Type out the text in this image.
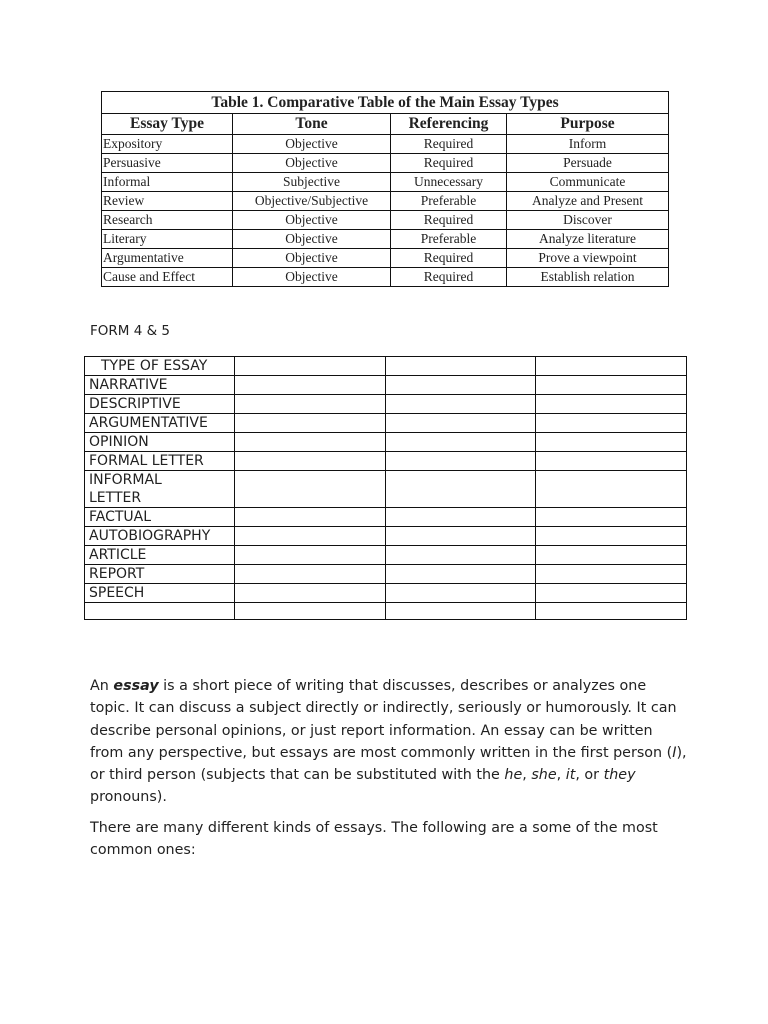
Table 1. Comparative Table of the Main Essay Types			
Essay Type	Tone	Referencing	Purpose
Expository	Objective	Required	Inform
Persuasive	Objective	Required	Persuade
Informal	Subjective	Unnecessary	Communicate
Review	Objective/Subjective	Preferable	Analyze and Present
Research	Objective	Required	Discover
Literary	Objective	Preferable	Analyze literature
Argumentative	Objective	Required	Prove a viewpoint
Cause and Effect	Objective	Required	Establish relation
FORM 4 & 5
TYPE OF ESSAY			
NARRATIVE			
DESCRIPTIVE			
ARGUMENTATIVE			
OPINION			
FORMAL LETTER			
INFORMAL LETTER			
FACTUAL			
AUTOBIOGRAPHY			
ARTICLE			
REPORT			
SPEECH			

An essay is a short piece of writing that discusses, describes or analyzes one topic. It can discuss a subject directly or indirectly, seriously or humorously. It can describe personal opinions, or just report information. An essay can be written from any perspective, but essays are most commonly written in the first person (I), or third person (subjects that can be substituted with the he, she, it, or they pronouns).

There are many different kinds of essays. The following are a some of the most common ones:
